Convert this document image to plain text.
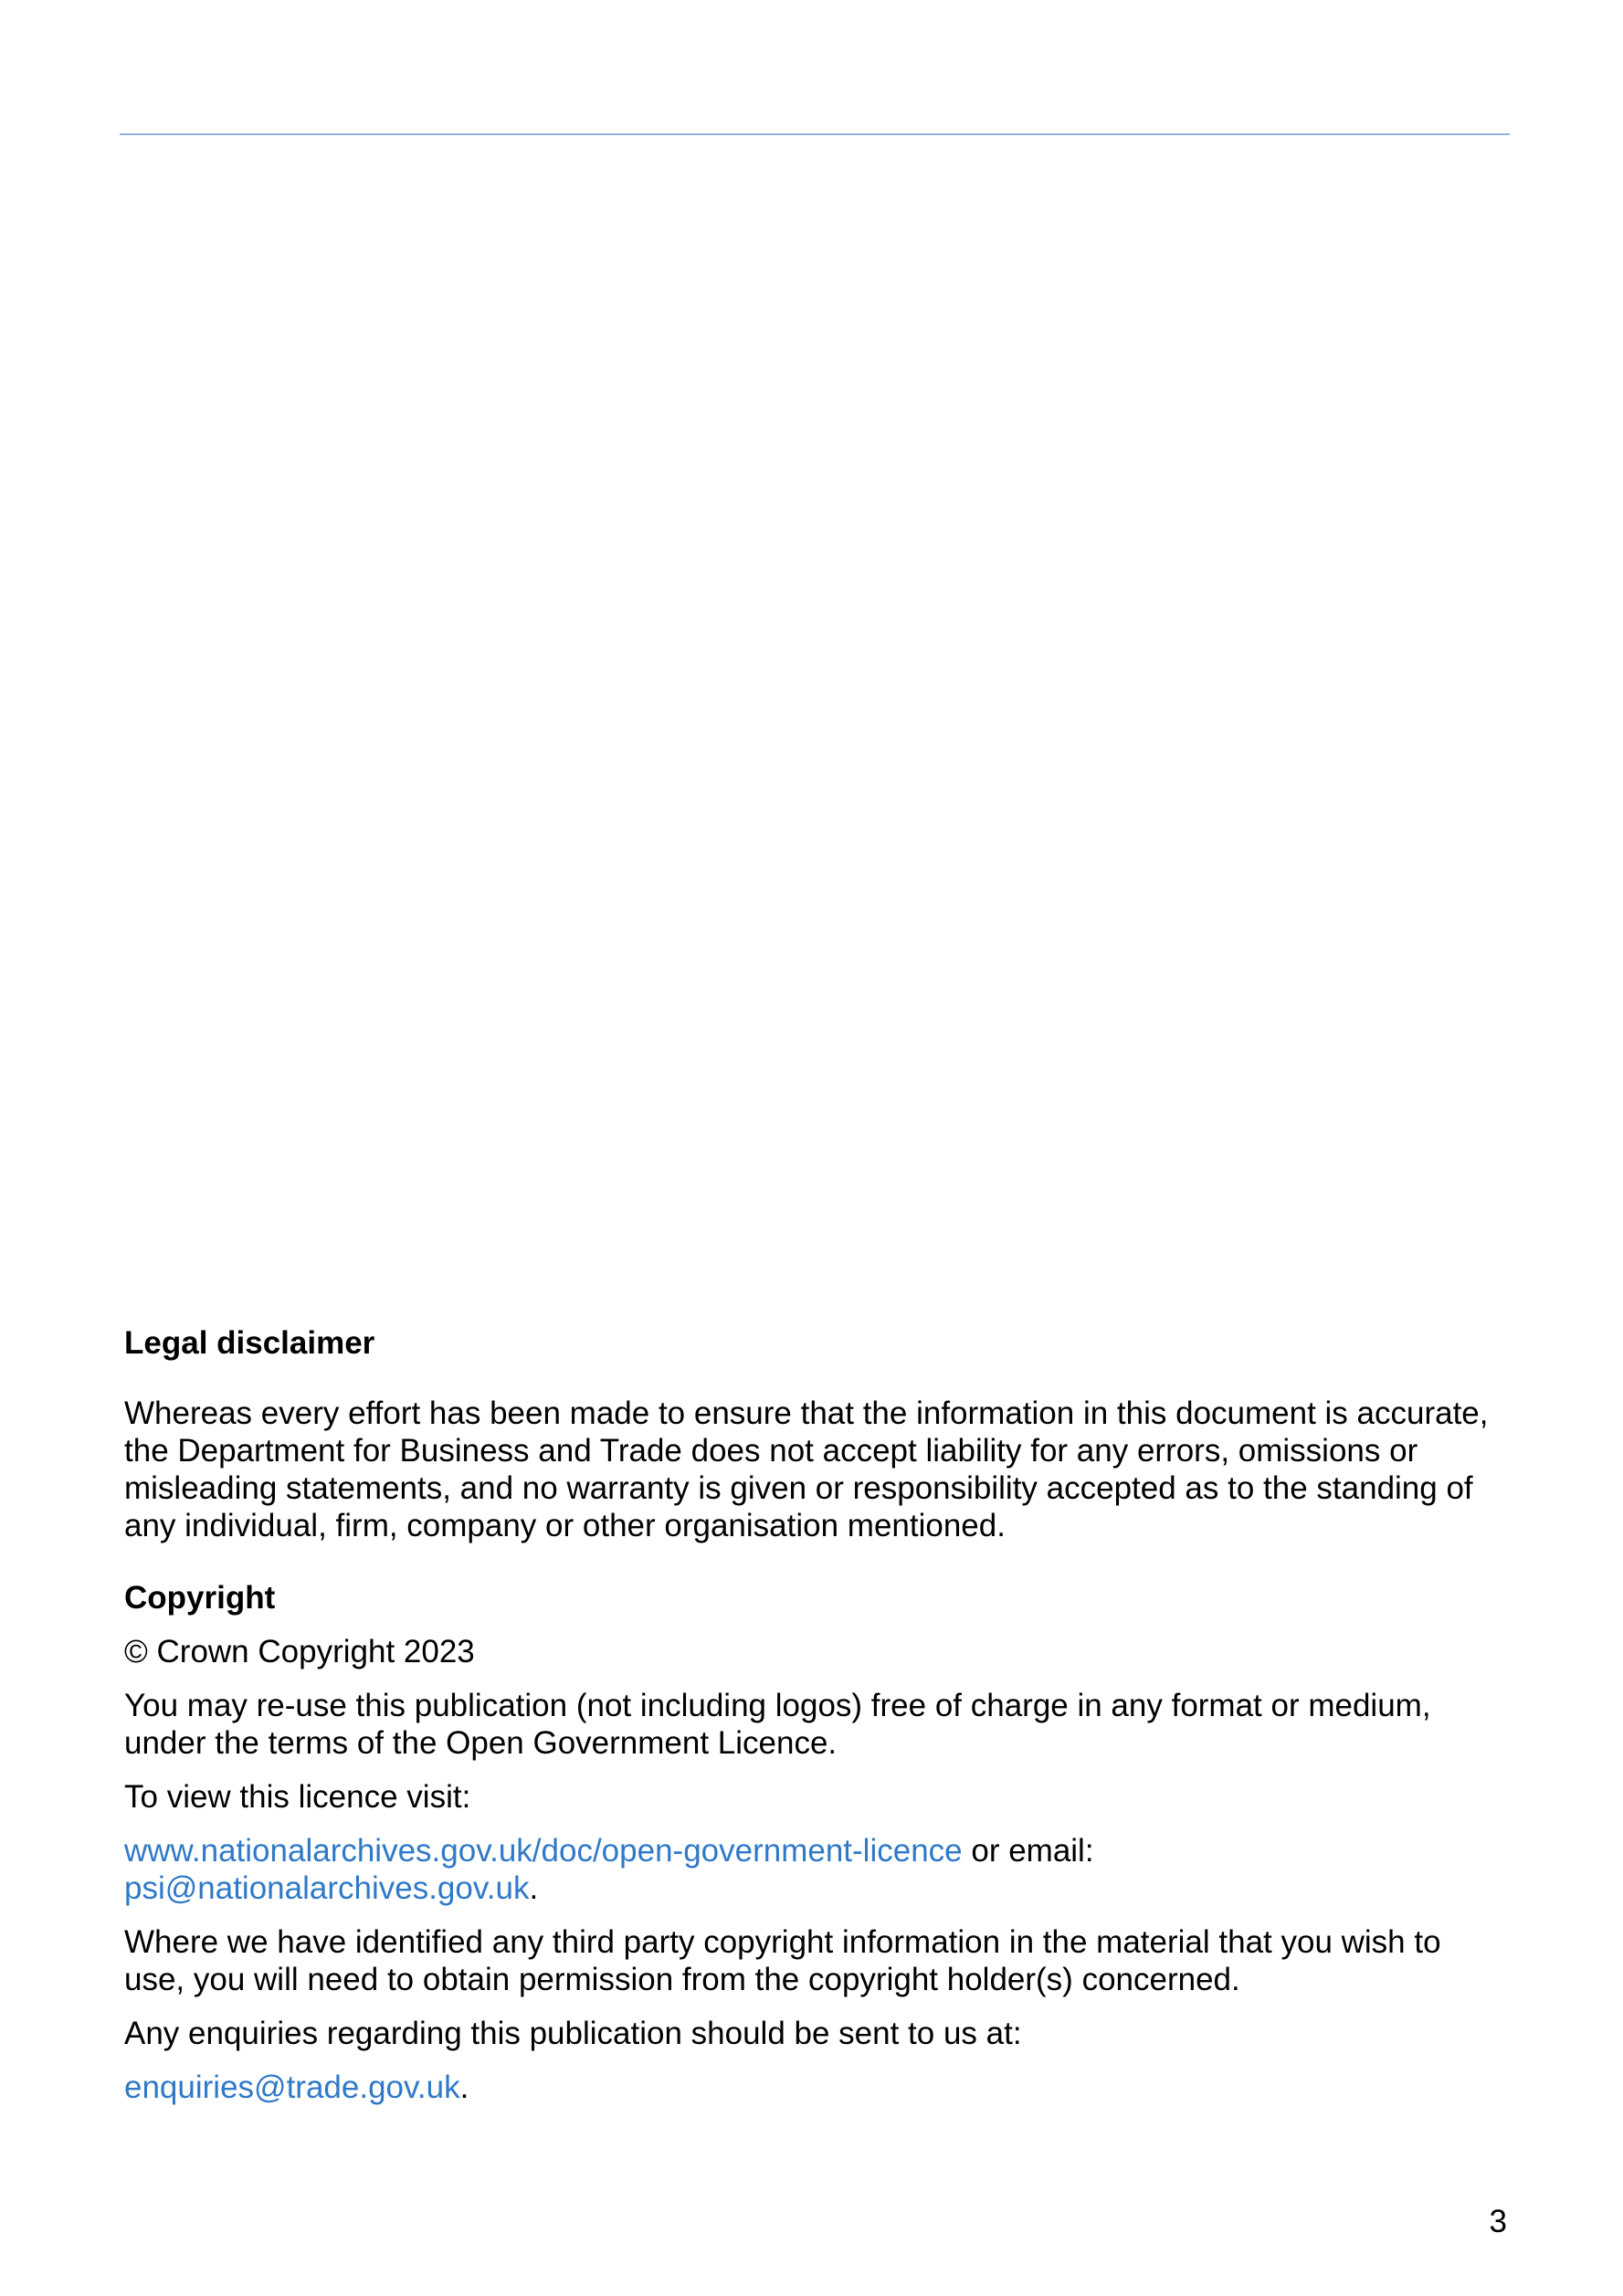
Legal disclaimer

Whereas every effort has been made to ensure that the information in this document is accurate, the Department for Business and Trade does not accept liability for any errors, omissions or misleading statements, and no warranty is given or responsibility accepted as to the standing of any individual, firm, company or other organisation mentioned.

Copyright

© Crown Copyright 2023

You may re-use this publication (not including logos) free of charge in any format or medium, under the terms of the Open Government Licence.

To view this licence visit:

www.nationalarchives.gov.uk/doc/open-government-licence or email:
psi@nationalarchives.gov.uk.

Where we have identified any third party copyright information in the material that you wish to use, you will need to obtain permission from the copyright holder(s) concerned.

Any enquiries regarding this publication should be sent to us at:

enquiries@trade.gov.uk.

3
